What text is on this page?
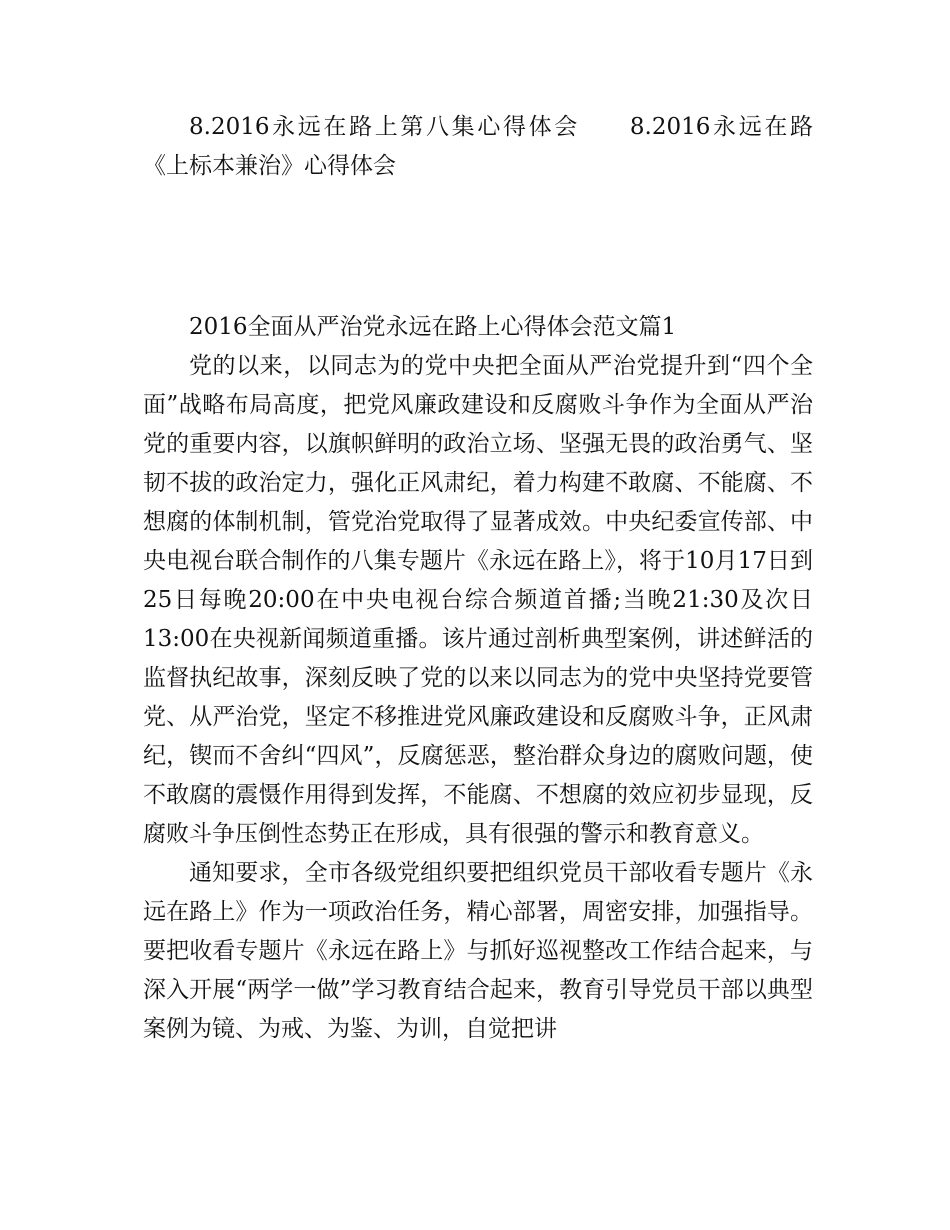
8.2016永远在路上第八集心得体会 8.2016永远在路《上标本兼治》心得体会

2016全面从严治党永远在路上心得体会范文篇1

党的以来，以同志为的党中央把全面从严治党提升到“四个全面”战略布局高度，把党风廉政建设和反腐败斗争作为全面从严治党的重要内容，以旗帜鲜明的政治立场、坚强无畏的政治勇气、坚韧不拔的政治定力，强化正风肃纪，着力构建不敢腐、不能腐、不想腐的体制机制，管党治党取得了显著成效。中央纪委宣传部、中央电视台联合制作的八集专题片《永远在路上》，将于10月17日到25日每晚20:00在中央电视台综合频道首播;当晚21:30及次日13:00在央视新闻频道重播。该片通过剖析典型案例，讲述鲜活的监督执纪故事，深刻反映了党的以来以同志为的党中央坚持党要管党、从严治党，坚定不移推进党风廉政建设和反腐败斗争，正风肃纪，锲而不舍纠“四风”，反腐惩恶，整治群众身边的腐败问题，使不敢腐的震慑作用得到发挥，不能腐、不想腐的效应初步显现，反腐败斗争压倒性态势正在形成，具有很强的警示和教育意义。

通知要求，全市各级党组织要把组织党员干部收看专题片《永远在路上》作为一项政治任务，精心部署，周密安排，加强指导。要把收看专题片《永远在路上》与抓好巡视整改工作结合起来，与深入开展“两学一做”学习教育结合起来，教育引导党员干部以典型案例为镜、为戒、为鉴、为训，自觉把讲
